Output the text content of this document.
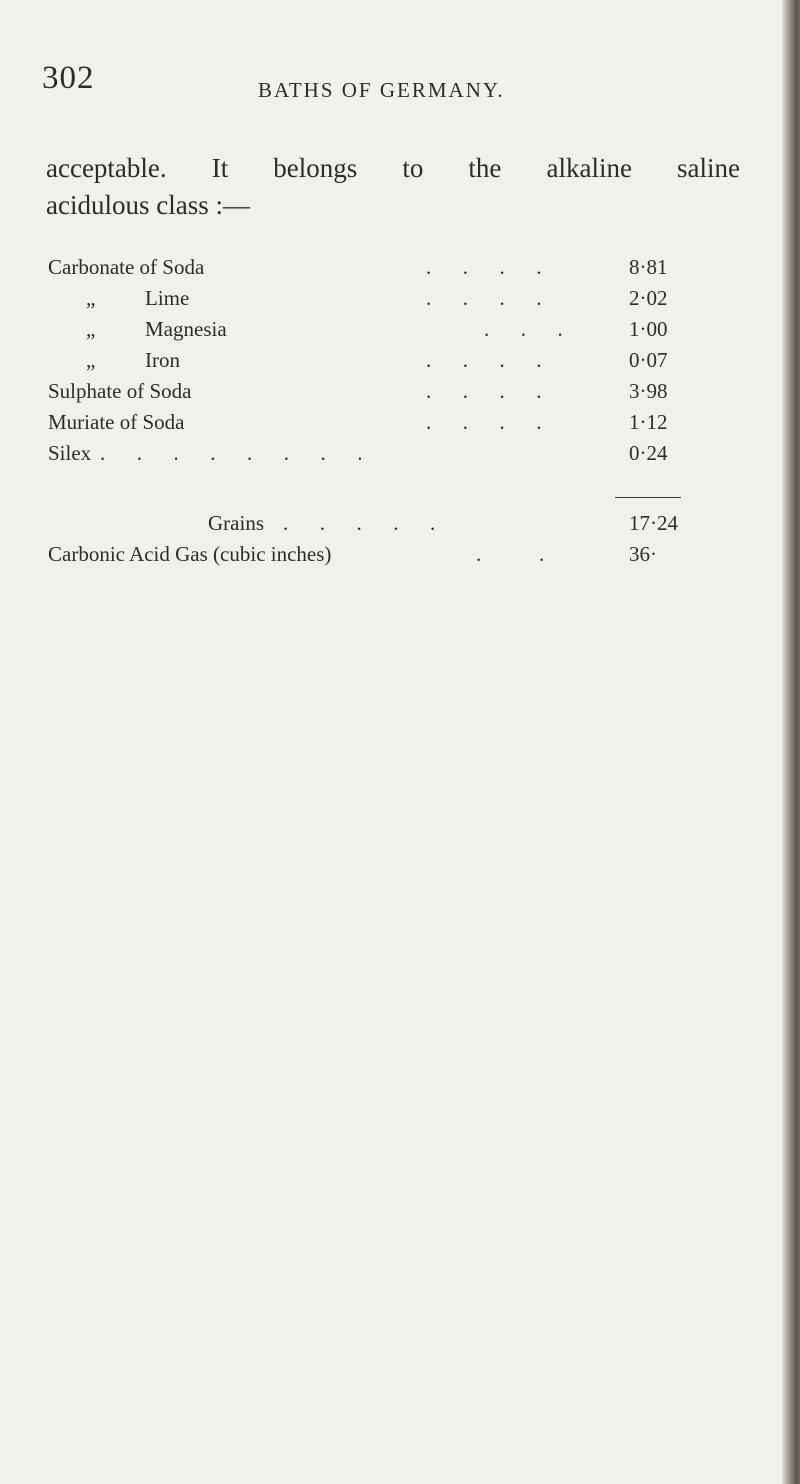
302	BATHS OF GERMANY.
acceptable. It belongs to the alkaline saline
acidulous class :—
Carbonate of Soda	.      .      .      .	8·81
„ Lime	.      .      .      .	2·02
„ Magnesia	.      .      .	1·00
„ Iron	.      .      .      .	0·07
Sulphate of Soda	.      .      .      .	3·98
Muriate of Soda	.      .      .      .	1·12
Silex .      .      .      .      .      .      .      .	0·24
Grains .      .      .      .      .	17·24
Carbonic Acid Gas (cubic inches)	.           .	36·
